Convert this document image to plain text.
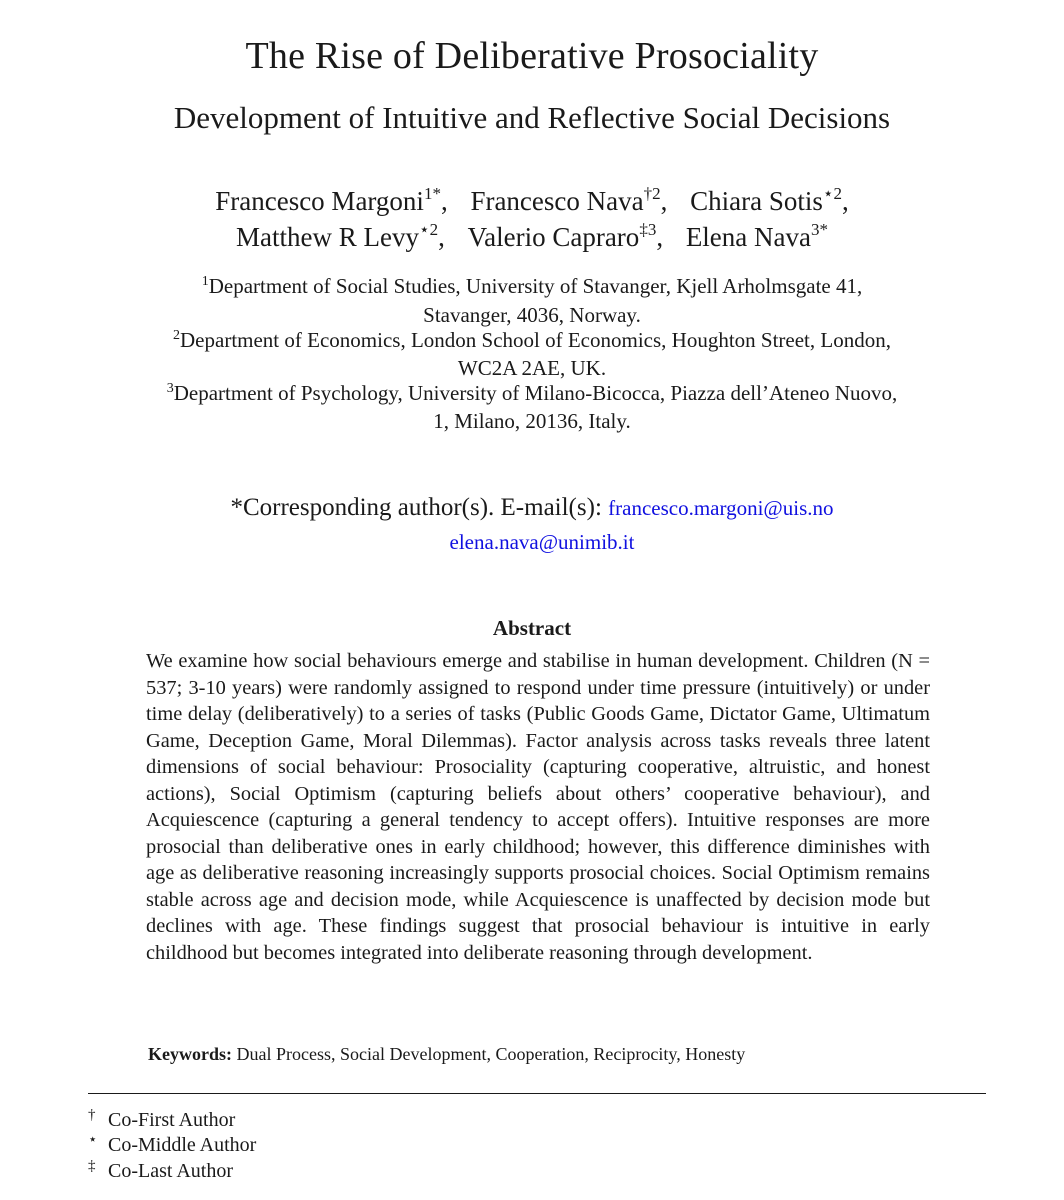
The Rise of Deliberative Prosociality
Development of Intuitive and Reflective Social Decisions
Francesco Margoni$^{1*}$, Francesco Nava$^{\dagger 2}$, Chiara Sotis$^{⋆2}$,
Matthew R Levy$^{⋆2}$, Valerio Capraro$^{\ddagger 3}$, Elena Nava$^{3*}$
$^1$Department of Social Studies, University of Stavanger, Kjell Arholmsgate 41,
Stavanger, 4036, Norway.
$^2$Department of Economics, London School of Economics, Houghton Street, London,
WC2A 2AE, UK.
$^3$Department of Psychology, University of Milano-Bicocca, Piazza dell’Ateneo Nuovo,
1, Milano, 20136, Italy.
*Corresponding author(s). E-mail(s): francesco.margoni@uis.no
elena.nava@unimib.it
Abstract
We examine how social behaviours emerge and stabilise in human development. Children (N = 537; 3-10 years) were randomly assigned to respond under time pressure (intuitively) or under time delay (deliberatively) to a series of tasks (Public Goods Game, Dictator Game, Ultimatum Game, Deception Game, Moral Dilemmas). Factor analysis across tasks reveals three latent dimensions of social behaviour: Prosociality (capturing cooperative, altruistic, and honest actions), Social Optimism (capturing beliefs about others’ cooperative behaviour), and Acquiescence (capturing a general tendency to accept offers). Intuitive responses are more prosocial than deliberative ones in early childhood; however, this difference diminishes with age as deliberative reasoning increasingly supports prosocial choices. Social Optimism remains stable across age and decision mode, while Acquiescence is unaffected by decision mode but declines with age. These findings suggest that prosocial behaviour is intuitive in early childhood but becomes integrated into deliberate reasoning through development.
Keywords: Dual Process, Social Development, Cooperation, Reciprocity, Honesty
† Co-First Author
⋆ Co-Middle Author
‡ Co-Last Author
